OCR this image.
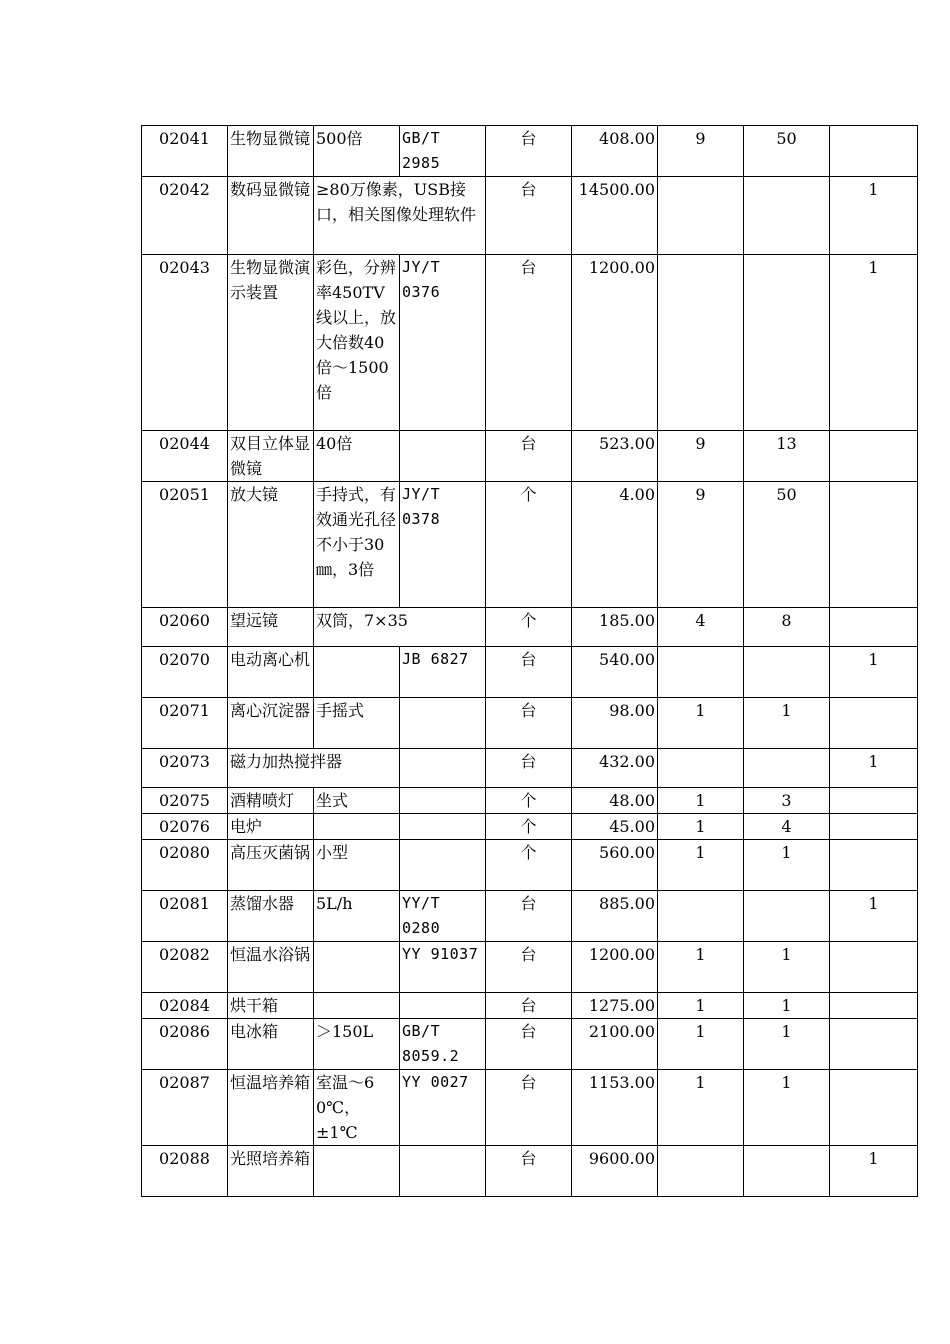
02041	生物显微镜	500倍	GB/T 2985	台	408.00	9	50	
02042	数码显微镜	≥80万像素，USB接口，相关图像处理软件		台	14500.00			1
02043	生物显微演示装置	彩色，分辨率450TV线以上，放大倍数40倍～1500倍	JY/T 0376	台	1200.00			1
02044	双目立体显微镜	40倍		台	523.00	9	13	
02051	放大镜	手持式，有效通光孔径不小于30㎜，3倍	JY/T 0378	个	4.00	9	50	
02060	望远镜	双筒，7×35		个	185.00	4	8	
02070	电动离心机		JB 6827	台	540.00			1
02071	离心沉淀器	手摇式		台	98.00	1	1	
02073	磁力加热搅拌器			台	432.00			1
02075	酒精喷灯	坐式		个	48.00	1	3	
02076	电炉			个	45.00	1	4	
02080	高压灭菌锅	小型		个	560.00	1	1	
02081	蒸馏水器	5L/h	YY/T 0280	台	885.00			1
02082	恒温水浴锅		YY 91037	台	1200.00	1	1	
02084	烘干箱			台	1275.00	1	1	
02086	电冰箱	＞150L	GB/T 8059.2	台	2100.00	1	1	
02087	恒温培养箱	室温～60℃，±1℃	YY 0027	台	1153.00	1	1	
02088	光照培养箱			台	9600.00			1
